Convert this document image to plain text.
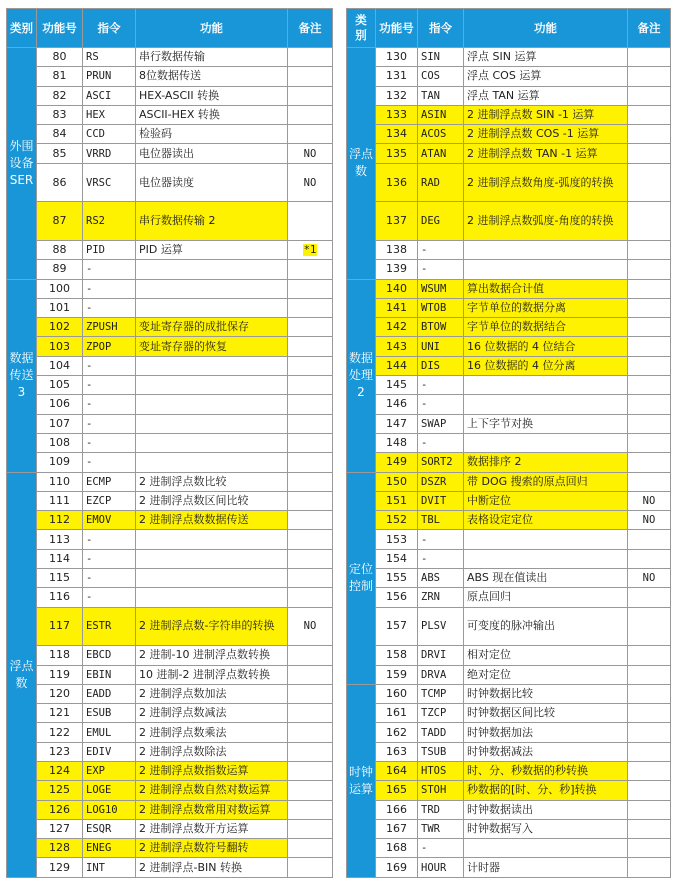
类别	功能号	指令	功能	备注
外围设备SER	80	RS	串行数据传输	
	81	PRUN	8位数据传送	
	82	ASCI	HEX-ASCII 转换	
	83	HEX	ASCII-HEX 转换	
	84	CCD	检验码	
	85	VRRD	电位器读出	NO
	86	VRSC	电位器读度	NO
	87	RS2	串行数据传输 2	
	88	PID	PID 运算	*1
	89	-		
数据传送3	100	-		
	101	-		
	102	ZPUSH	变址寄存器的成批保存	
	103	ZPOP	变址寄存器的恢复	
	104	-		
	105	-		
	106	-		
	107	-		
	108	-		
	109	-		
浮点数	110	ECMP	2 进制浮点数比较	
	111	EZCP	2 进制浮点数区间比较	
	112	EMOV	2 进制浮点数数据传送	
	113	-		
	114	-		
	115	-		
	116	-		
	117	ESTR	2 进制浮点数-字符串的转换	NO
	118	EBCD	2 进制-10 进制浮点数转换	
	119	EBIN	10 进制-2 进制浮点数转换	
	120	EADD	2 进制浮点数加法	
	121	ESUB	2 进制浮点数减法	
	122	EMUL	2 进制浮点数乘法	
	123	EDIV	2 进制浮点数除法	
	124	EXP	2 进制浮点数指数运算	
	125	LOGE	2 进制浮点数自然对数运算	
	126	LOG10	2 进制浮点数常用对数运算	
	127	ESQR	2 进制浮点数开方运算	
	128	ENEG	2 进制浮点数符号翻转	
	129	INT	2 进制浮点-BIN 转换	
类别	功能号	指令	功能	备注
浮点数	130	SIN	浮点 SIN 运算	
	131	COS	浮点 COS 运算	
	132	TAN	浮点 TAN 运算	
	133	ASIN	2 进制浮点数 SIN -1 运算	
	134	ACOS	2 进制浮点数 COS -1 运算	
	135	ATAN	2 进制浮点数 TAN -1 运算	
	136	RAD	2 进制浮点数角度-弧度的转换	
	137	DEG	2 进制浮点数弧度-角度的转换	
	138	-		
	139	-		
数据处理2	140	WSUM	算出数据合计值	
	141	WTOB	字节单位的数据分离	
	142	BTOW	字节单位的数据结合	
	143	UNI	16 位数据的 4 位结合	
	144	DIS	16 位数据的 4 位分离	
	145	-		
	146	-		
	147	SWAP	上下字节对换	
	148	-		
	149	SORT2	数据排序 2	
定位控制	150	DSZR	带 DOG 搜索的原点回归	
	151	DVIT	中断定位	NO
	152	TBL	表格设定定位	NO
	153	-		
	154	-		
	155	ABS	ABS 现在值读出	NO
	156	ZRN	原点回归	
	157	PLSV	可变度的脉冲输出	
	158	DRVI	相对定位	
	159	DRVA	绝对定位	
时钟运算	160	TCMP	时钟数据比较	
	161	TZCP	时钟数据区间比较	
	162	TADD	时钟数据加法	
	163	TSUB	时钟数据减法	
	164	HTOS	时、分、秒数据的秒转换	
	165	STOH	秒数据的[时、分、秒]转换	
	166	TRD	时钟数据读出	
	167	TWR	时钟数据写入	
	168	-		
	169	HOUR	计时器	
